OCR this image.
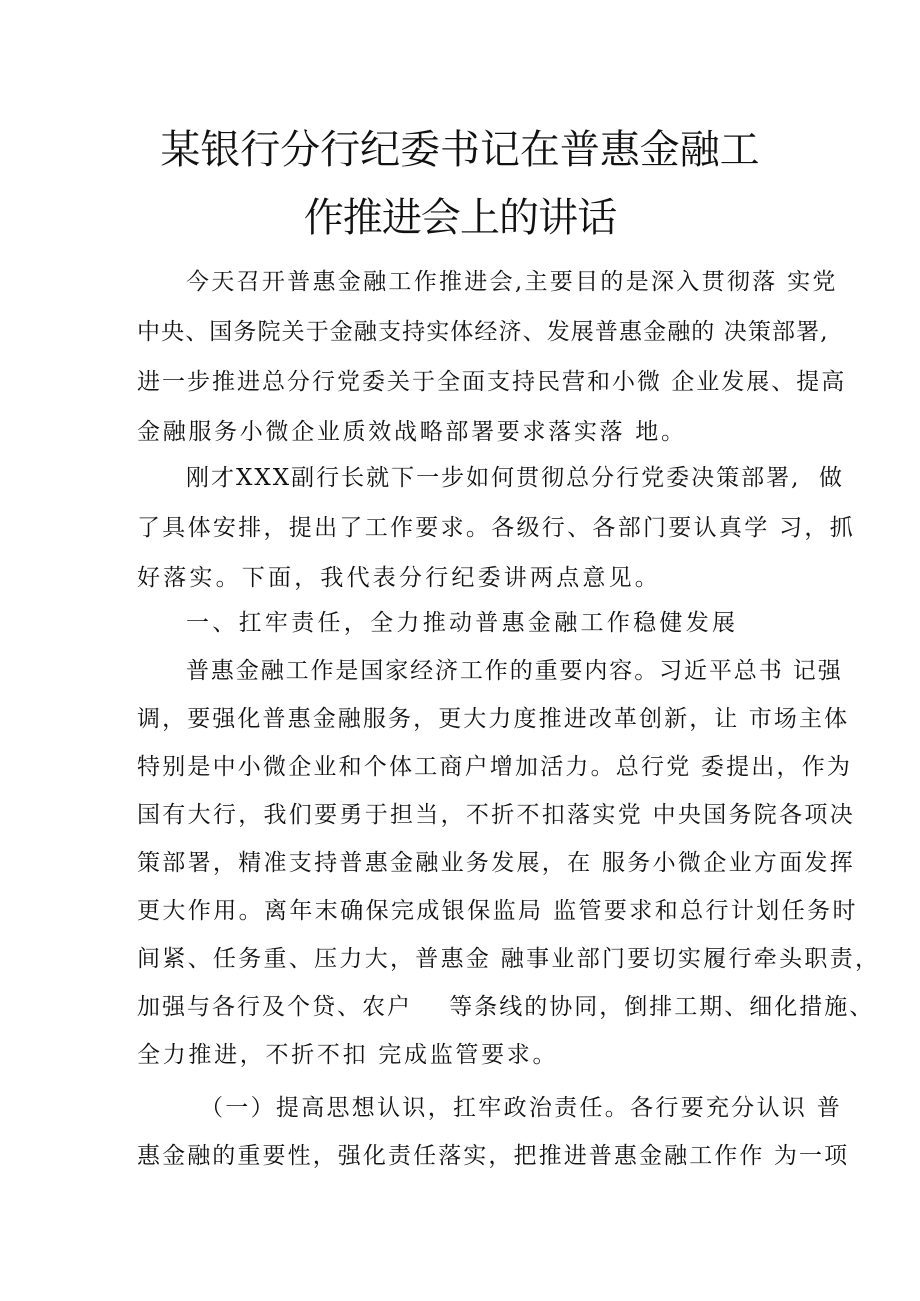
某银行分行纪委书记在普惠金融工
作推进会上的讲话

今天召开普惠金融工作推进会,主要目的是深入贯彻落 实党

中央、国务院关于金融支持实体经济、发展普惠金融的 决策部署,

进一步推进总分行党委关于全面支持民营和小微 企业发展、提高

金融服务小微企业质效战略部署要求落实落 地。

刚才XXX副行长就下一步如何贯彻总分行党委决策部署,  做

了具体安排，提出了工作要求。各级行、各部门要认真学 习，抓

好落实。下面，我代表分行纪委讲两点意见。

一、扛牢责任，全力推动普惠金融工作稳健发展

普惠金融工作是国家经济工作的重要内容。习近平总书 记强

调，要强化普惠金融服务，更大力度推进改革创新，让 市场主体

特别是中小微企业和个体工商户增加活力。总行党 委提出，作为

国有大行，我们要勇于担当，不折不扣落实党 中央国务院各项决

策部署，精准支持普惠金融业务发展，在 服务小微企业方面发挥

更大作用。离年末确保完成银保监局 监管要求和总行计划任务时

间紧、任务重、压力大，普惠金 融事业部门要切实履行牵头职责，

加强与各行及个贷、农户    等条线的协同，倒排工期、细化措施、

全力推进，不折不扣 完成监管要求。

（一）提高思想认识，扛牢政治责任。各行要充分认识 普

惠金融的重要性，强化责任落实，把推进普惠金融工作作 为一项
